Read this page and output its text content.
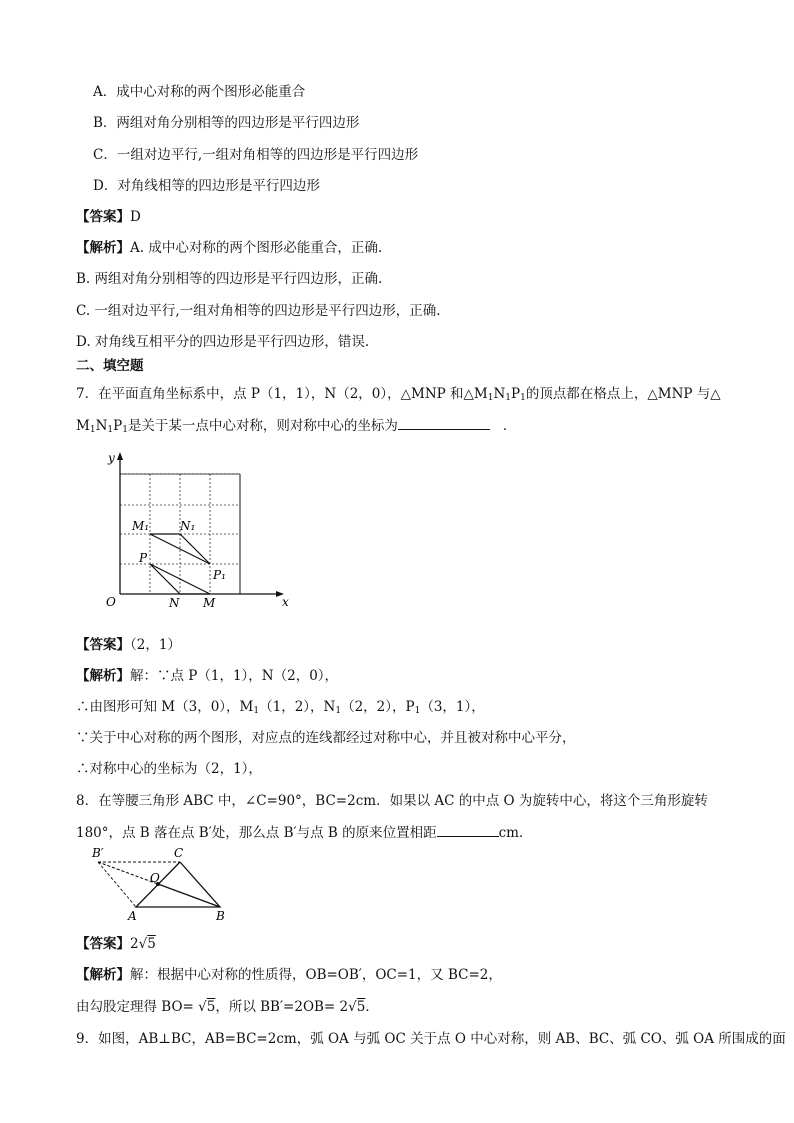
A．成中心对称的两个图形必能重合
B．两组对角分别相等的四边形是平行四边形
C．一组对边平行,一组对角相等的四边形是平行四边形
D．对角线相等的四边形是平行四边形
【答案】D
【解析】A. 成中心对称的两个图形必能重合，正确.
B. 两组对角分别相等的四边形是平行四边形，正确.
C. 一组对边平行,一组对角相等的四边形是平行四边形，正确.
D. 对角线互相平分的四边形是平行四边形，错误.
二、填空题
7．在平面直角坐标系中，点 P（1，1），N（2，0），△MNP 和$\triangle M_1N_1P_1$的顶点都在格点上，△MNP 与△
$M_1N_1P_1$是关于某一点中心对称，则对称中心的坐标为	．
y
x
O
M₁	N₁
P
P₁
N M
【答案】（2，1）
【解析】解：∵点 P（1，1），N（2，0），
∴由图形可知 M（3，0），$M_1(1$，2），$N_1(2$，2），$P_1(3$，1），
∵关于中心对称的两个图形，对应点的连线都经过对称中心，并且被对称中心平分，
∴对称中心的坐标为（2，1），
8．在等腰三角形 ABC 中，∠C=90°，BC=2cm．如果以 AC 的中点 O 为旋转中心，将这个三角形旋转
180°，点 B 落在点 B′处，那么点 B′与点 B 的原来位置相距	cm．
B′	C
O
A	B
【答案】2√5
【解析】解：根据中心对称的性质得，OB=OB′，OC=1，又 BC=2，
由勾股定理得 BO= √5，所以 BB′=2OB= 2√5．
9．如图，AB⊥BC，AB=BC=2cm，弧 OA 与弧 OC 关于点 O 中心对称，则 AB、BC、弧 CO、弧 OA 所围成的面
